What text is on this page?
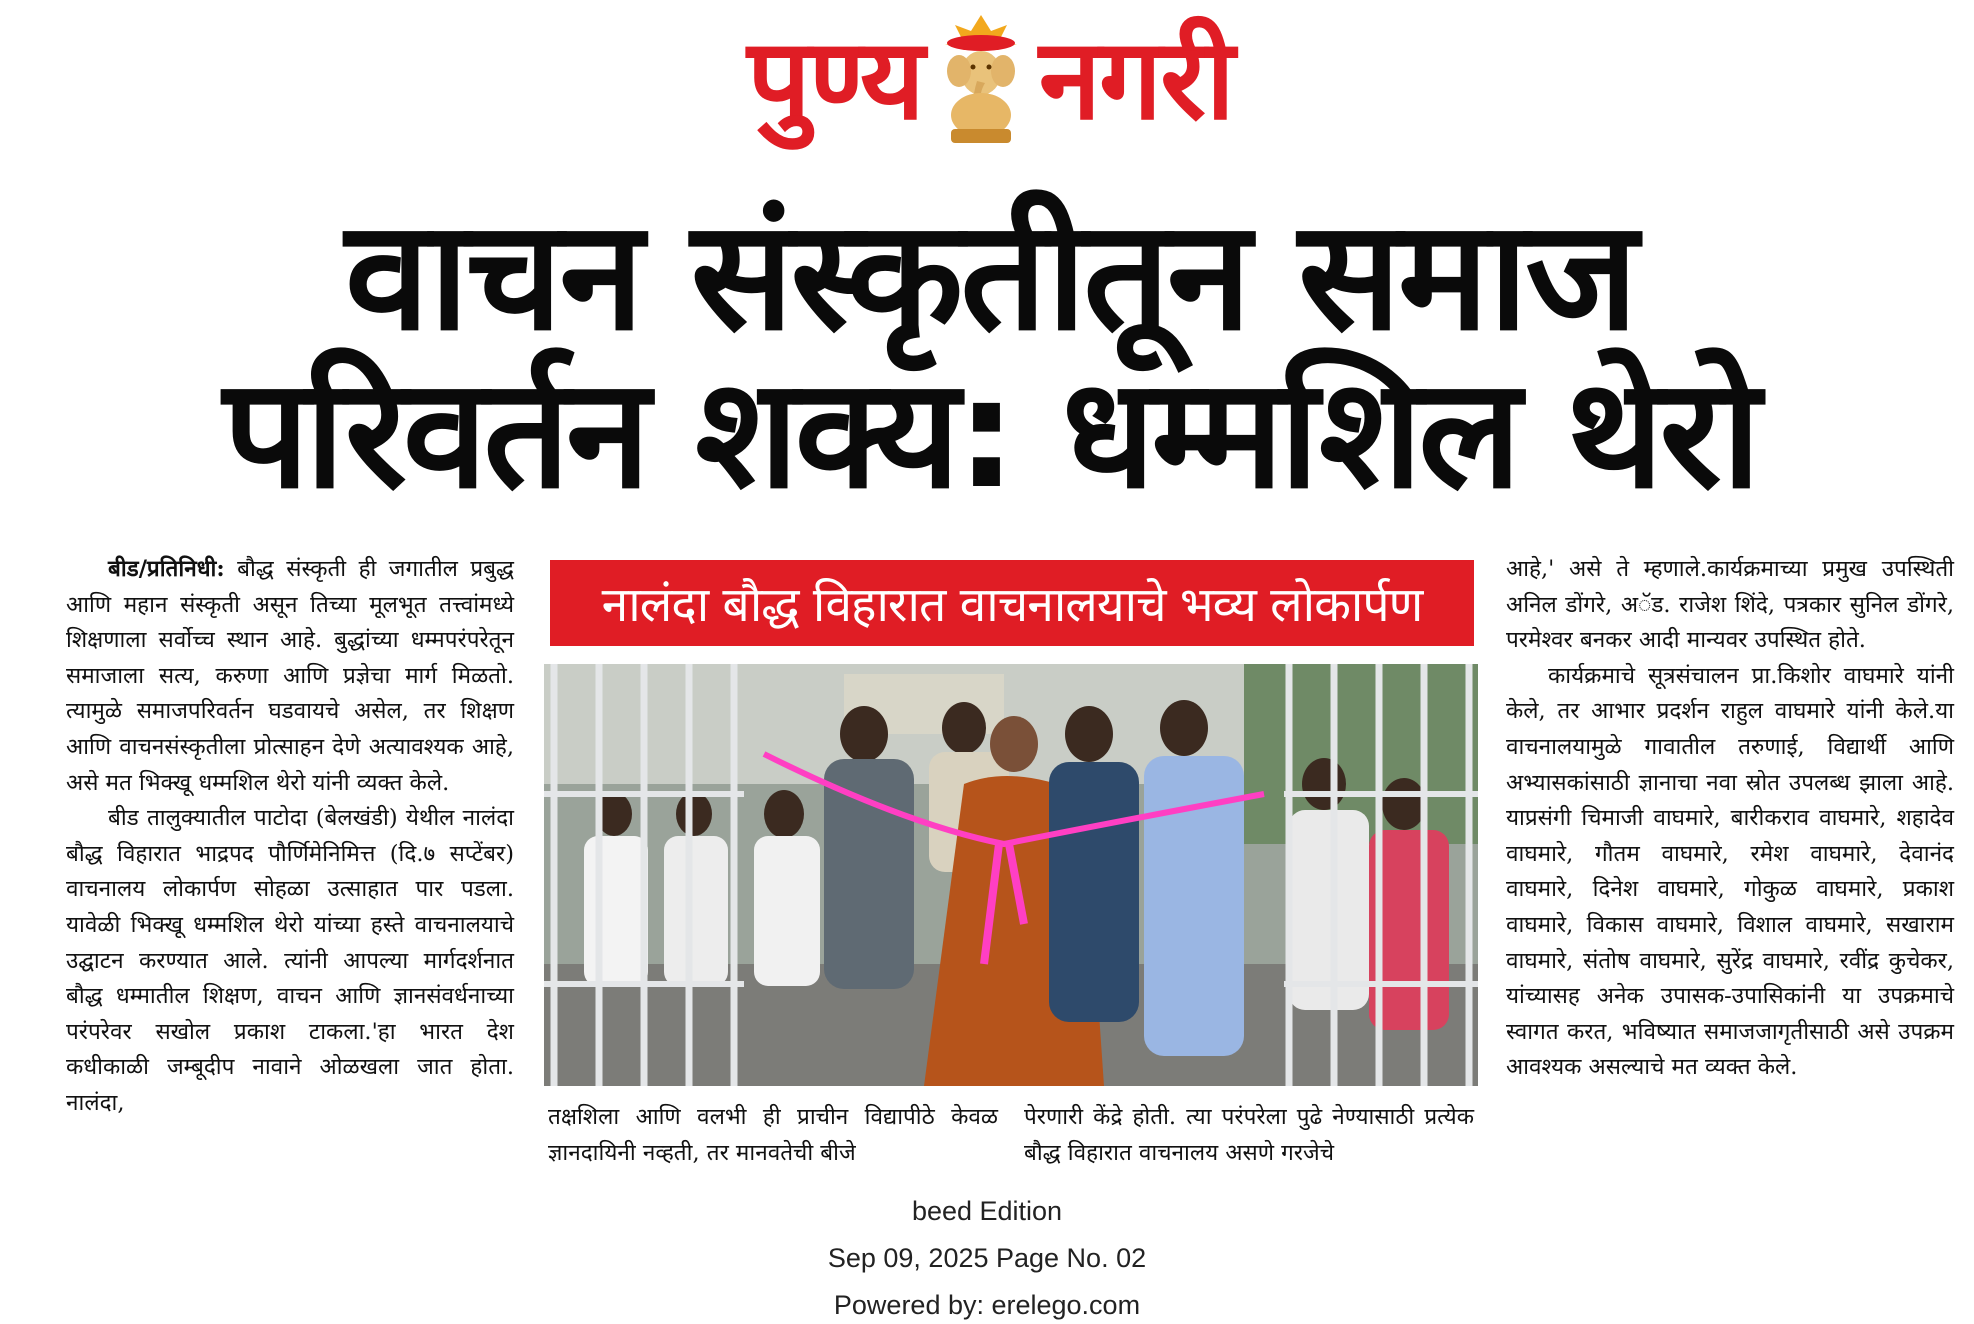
पुण्य नगरी
वाचन संस्कृतीतून समाज
परिवर्तन शक्य: धम्मशिल थेरो

बीड/प्रतिनिधी: बौद्ध संस्कृती ही जगातील प्रबुद्ध आणि महान संस्कृती असून तिच्या मूलभूत तत्त्वांमध्ये शिक्षणाला सर्वोच्च स्थान आहे. बुद्धांच्या धम्मपरंपरेतून समाजाला सत्य, करुणा आणि प्रज्ञेचा मार्ग मिळतो. त्यामुळे समाजपरिवर्तन घडवायचे असेल, तर शिक्षण आणि वाचनसंस्कृतीला प्रोत्साहन देणे अत्यावश्यक आहे, असे मत भिक्खू धम्मशिल थेरो यांनी व्यक्त केले.

बीड तालुक्यातील पाटोदा (बेलखंडी) येथील नालंदा बौद्ध विहारात भाद्रपद पौर्णिमेनिमित्त (दि.७ सप्टेंबर) वाचनालय लोकार्पण सोहळा उत्साहात पार पडला. यावेळी भिक्खू धम्मशिल थेरो यांच्या हस्ते वाचनालयाचे उद्घाटन करण्यात आले. त्यांनी आपल्या मार्गदर्शनात बौद्ध धम्मातील शिक्षण, वाचन आणि ज्ञानसंवर्धनाच्या परंपरेवर सखोल प्रकाश टाकला.'हा भारत देश कधीकाळी जम्बूदीप नावाने ओळखला जात होता. नालंदा,

नालंदा बौद्ध विहारात वाचनालयाचे भव्य लोकार्पण
तक्षशिला आणि वलभी ही प्राचीन विद्यापीठे केवळ ज्ञानदायिनी नव्हती, तर मानवतेची बीजे
पेरणारी केंद्रे होती. त्या परंपरेला पुढे नेण्यासाठी प्रत्येक बौद्ध विहारात वाचनालय असणे गरजेचे

आहे,' असे ते म्हणाले.कार्यक्रमाच्या प्रमुख उपस्थिती अनिल डोंगरे, अॅड. राजेश शिंदे, पत्रकार सुनिल डोंगरे, परमेश्वर बनकर आदी मान्यवर उपस्थित होते.

कार्यक्रमाचे सूत्रसंचालन प्रा.किशोर वाघमारे यांनी केले, तर आभार प्रदर्शन राहुल वाघमारे यांनी केले.या वाचनालयामुळे गावातील तरुणाई, विद्यार्थी आणि अभ्यासकांसाठी ज्ञानाचा नवा स्रोत उपलब्ध झाला आहे. याप्रसंगी चिमाजी वाघमारे, बारीकराव वाघमारे, शहादेव वाघमारे, गौतम वाघमारे, रमेश वाघमारे, देवानंद वाघमारे, दिनेश वाघमारे, गोकुळ वाघमारे, प्रकाश वाघमारे, विकास वाघमारे, विशाल वाघमारे, सखाराम वाघमारे, संतोष वाघमारे, सुरेंद्र वाघमारे, रवींद्र कुचेकर, यांच्यासह अनेक उपासक-उपासिकांनी या उपक्रमाचे स्वागत करत, भविष्यात समाजजागृतीसाठी असे उपक्रम आवश्यक असल्याचे मत व्यक्त केले.

beed Edition
Sep 09, 2025 Page No. 02
Powered by: erelego.com
